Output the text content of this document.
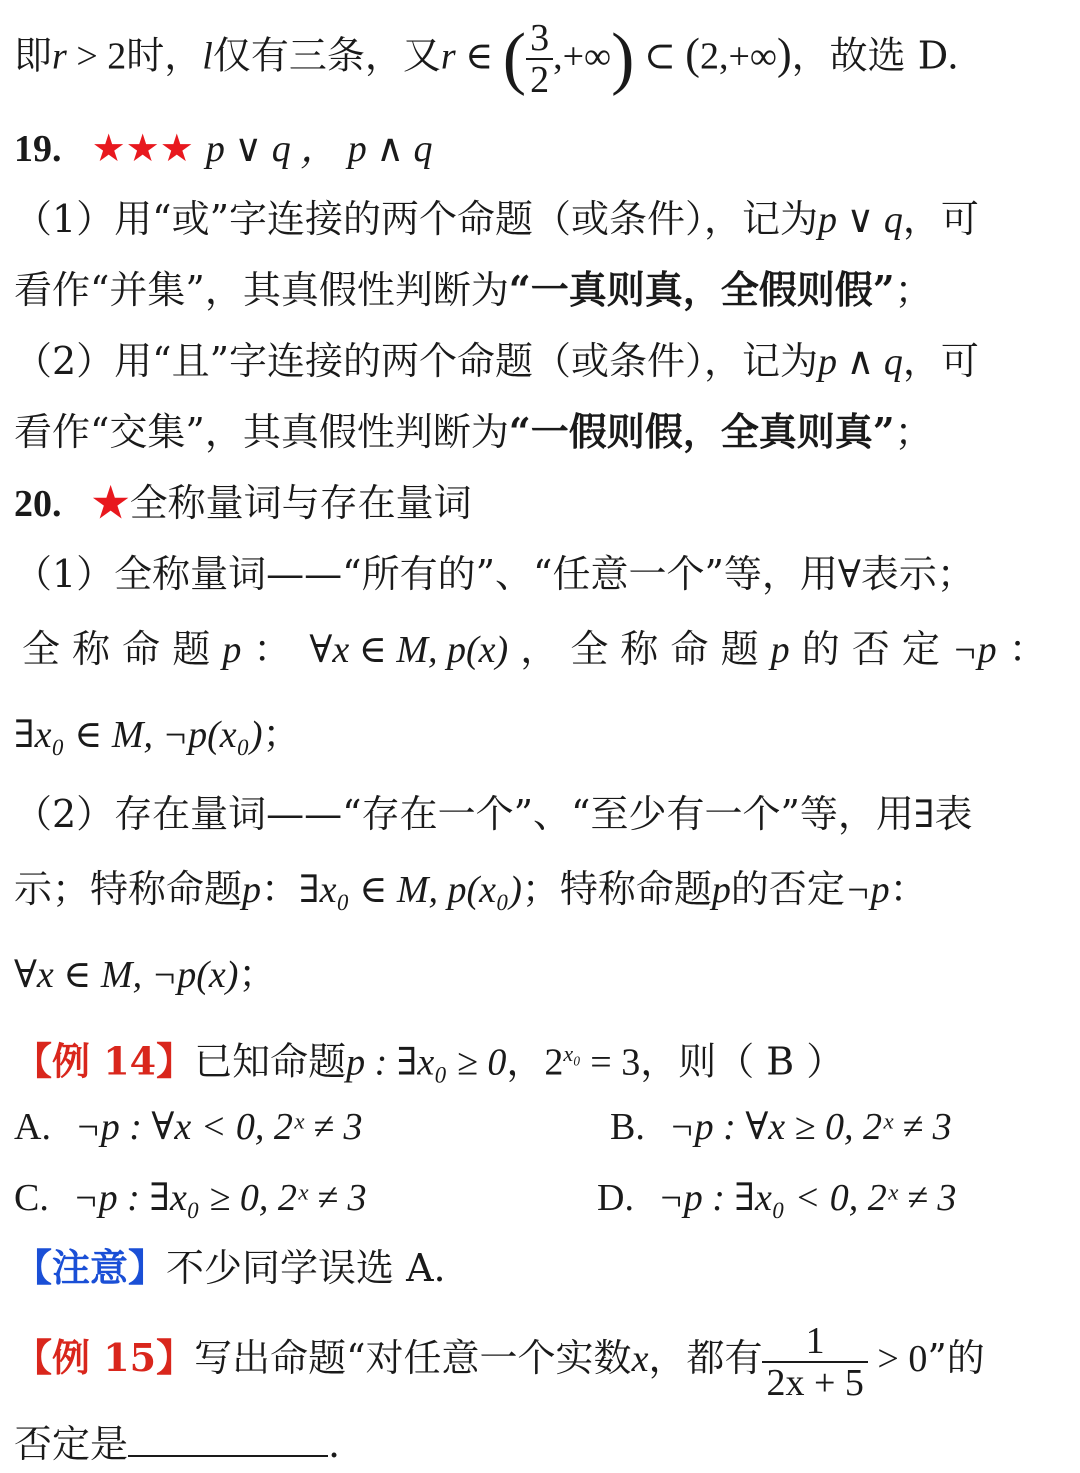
即r > 2时，l仅有三条，又r ∈ ( $\frac{3}{2}$ ,+∞) ⊂ (2,+∞)，故选 D.
19. ★★★ p ∨ q ， p ∧ q
（1）用“或”字连接的两个命题（或条件），记为p ∨ q，可
看作“并集”，其真假性判断为“一真则真，全假则假”；
（2）用“且”字连接的两个命题（或条件），记为p ∧ q，可
看作“交集”，其真假性判断为“一假则假，全真则真”；
20. ★全称量词与存在量词
（1）全称量词——“所有的”、“任意一个”等，用∀表示；
全 称 命 题 p ： ∀x ∈ M, p(x) ， 全 称 命 题 p 的 否 定 ¬p ：
∃x₀ ∈ M, ¬p(x₀)；
（2）存在量词——“存在一个”、“至少有一个”等，用∃表
示；特称命题p：∃x₀ ∈ M, p(x₀)；特称命题p的否定¬p：
∀x ∈ M, ¬p(x)；
【例 14】已知命题p : ∃x₀ ≥ 0，$2^{x_0} = 3$，则（ B ）
A. ¬p : ∀x < 0, 2ˣ ≠ 3	B. ¬p : ∀x ≥ 0, 2ˣ ≠ 3
C. ¬p : ∃x₀ ≥ 0, 2ˣ ≠ 3	D. ¬p : ∃x₀ < 0, 2ˣ ≠ 3
【注意】不少同学误选 A.
【例 15】写出命题“对任意一个实数x，都有 $\frac{1}{2x + 5} > 0$”的
否定是	.
